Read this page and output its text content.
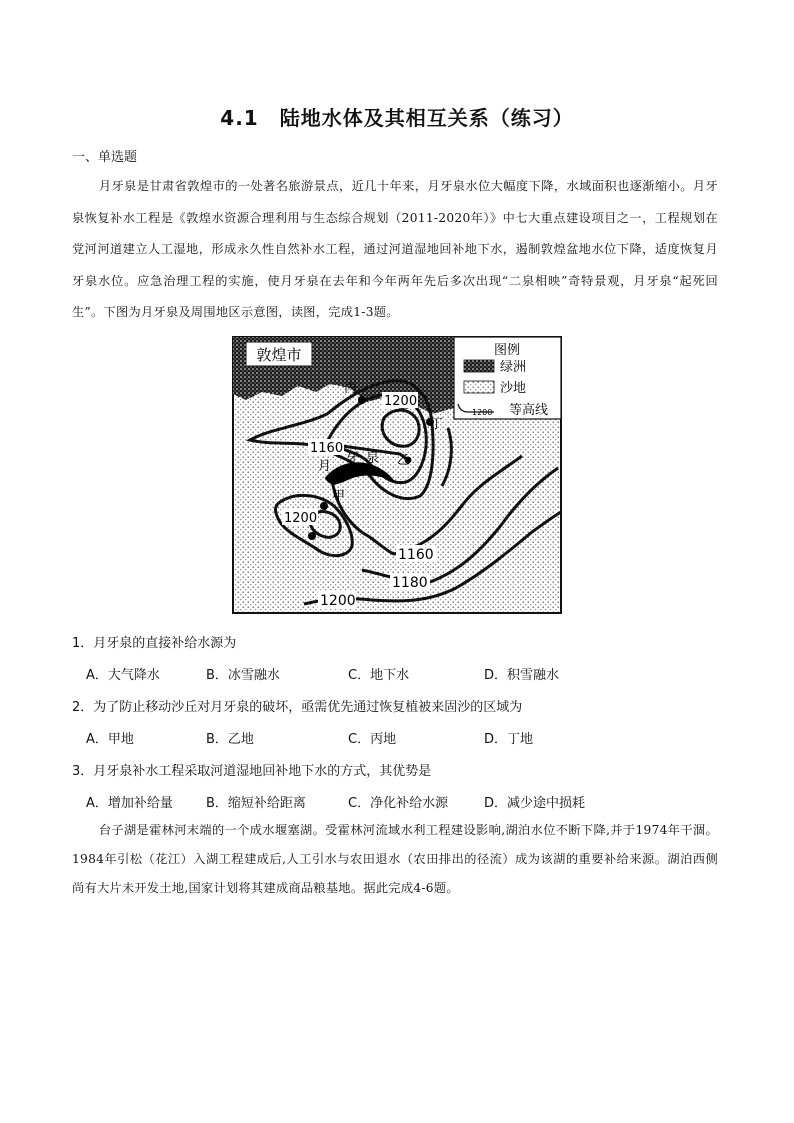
4.1　陆地水体及其相互关系（练习）
一、单选题
月牙泉是甘肃省敦煌市的一处著名旅游景点，近几十年来，月牙泉水位大幅度下降，水域面积也逐渐缩小。月牙泉恢复补水工程是《敦煌水资源合理利用与生态综合规划（2011-2020年）》中七大重点建设项目之一，工程规划在党河河道建立人工湿地，形成永久性自然补水工程，通过河道湿地回补地下水，遏制敦煌盆地水位下降，适度恢复月牙泉水位。应急治理工程的实施，使月牙泉在去年和今年两年先后多次出现“二泉相映”奇特景观，月牙泉“起死回生”。下图为月牙泉及周围地区示意图，读图，完成1-3题。
敦煌市	图例
绿洲
沙地
1200 等高线
丙
丁
乙
甲
月
牙 泉
1200
1160
1200
1160
1180
1200
1．月牙泉的直接补给水源为
A．大气降水	B．冰雪融水	C．地下水	D．积雪融水
2．为了防止移动沙丘对月牙泉的破坏，亟需优先通过恢复植被来固沙的区域为
A．甲地	B．乙地	C．丙地	D．丁地
3．月牙泉补水工程采取河道湿地回补地下水的方式，其优势是
A．增加补给量	B．缩短补给距离	C．净化补给水源	D．减少途中损耗
台子湖是霍林河末端的一个成水堰塞湖。受霍林河流域水利工程建设影响,湖泊水位不断下降,并于1974年干涸。1984年引松（花江）入湖工程建成后,人工引水与农田退水（农田排出的径流）成为该湖的重要补给来源。湖泊西侧尚有大片未开发土地,国家计划将其建成商品粮基地。据此完成4-6题。
